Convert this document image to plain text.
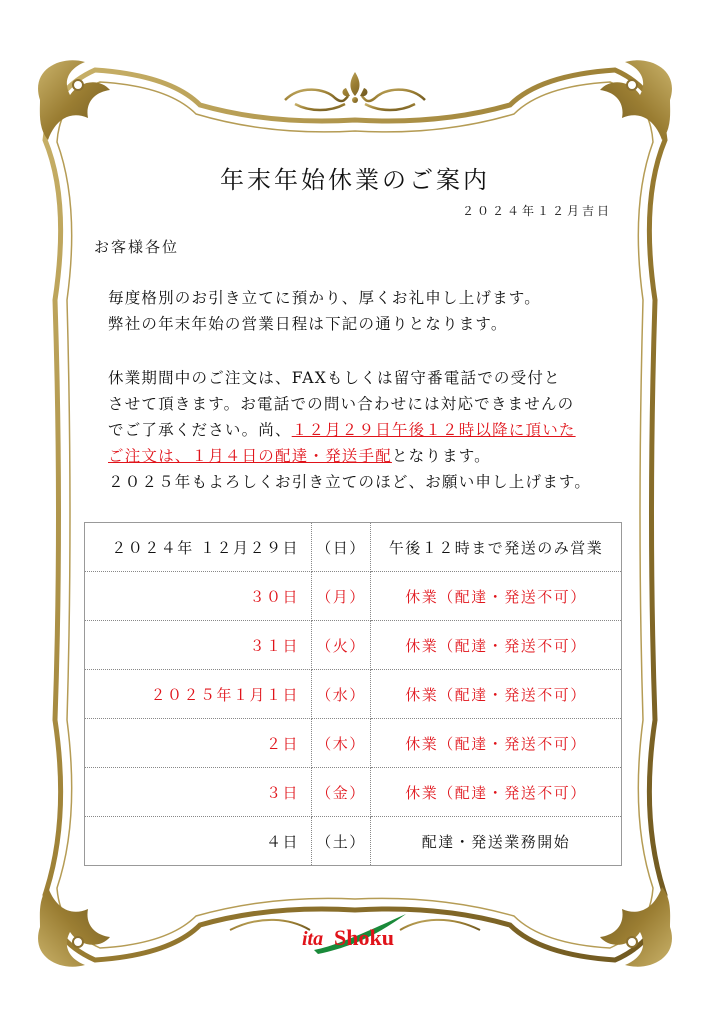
年末年始休業のご案内
２０２４年１２月吉日
お客様各位
毎度格別のお引き立てに預かり、厚くお礼申し上げます。
弊社の年末年始の営業日程は下記の通りとなります。
休業期間中のご注文は、FAXもしくは留守番電話での受付と
させて頂きます。お電話での問い合わせには対応できませんの
でご了承ください。尚、１２月２９日午後１２時以降に頂いた
ご注文は、１月４日の配達・発送手配となります。
２０２５年もよろしくお引き立てのほど、お願い申し上げます。
２０２４年 １２月２９日	（日）	午後１２時まで発送のみ営業
３０日	（月）	休業（配達・発送不可）
３１日	（火）	休業（配達・発送不可）
２０２５年１月１日	（水）	休業（配達・発送不可）
２日	（木）	休業（配達・発送不可）
３日	（金）	休業（配達・発送不可）
４日	（土）	配達・発送業務開始
ita Shoku
